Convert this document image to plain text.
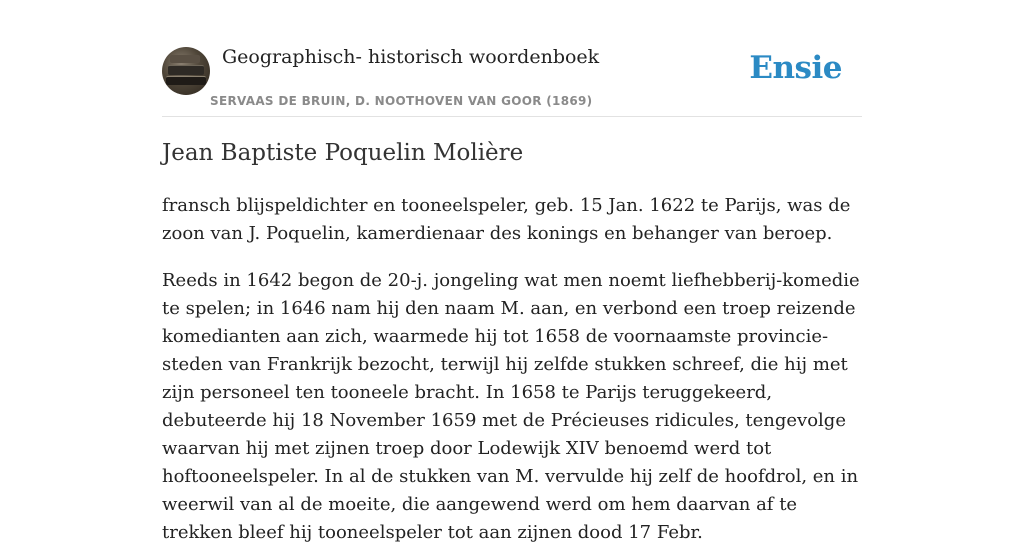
Geographisch- historisch woordenboek
SERVAAS DE BRUIN, D. NOOTHOVEN VAN GOOR (1869)
Ensie
Jean Baptiste Poquelin Molière

fransch blijspeldichter en tooneelspeler, geb. 15 Jan. 1622 te Parijs, was de zoon van J. Poquelin, kamerdienaar des konings en behanger van beroep.

Reeds in 1642 begon de 20-j. jongeling wat men noemt liefhebberij-komedie te spelen; in 1646 nam hij den naam M. aan, en verbond een troep reizende komedianten aan zich, waarmede hij tot 1658 de voornaamste provincie-steden van Frankrijk bezocht, terwijl hij zelfde stukken schreef, die hij met zijn personeel ten tooneele bracht. In 1658 te Parijs teruggekeerd, debuteerde hij 18 November 1659 met de Précieuses ridicules, tengevolge waarvan hij met zijnen troep door Lodewijk XIV benoemd werd tot hoftooneelspeler. In al de stukken van M. vervulde hij zelf de hoofdrol, en in weerwil van al de moeite, die aangewend werd om hem daarvan af te trekken bleef hij tooneelspeler tot aan zijnen dood 17 Febr.
